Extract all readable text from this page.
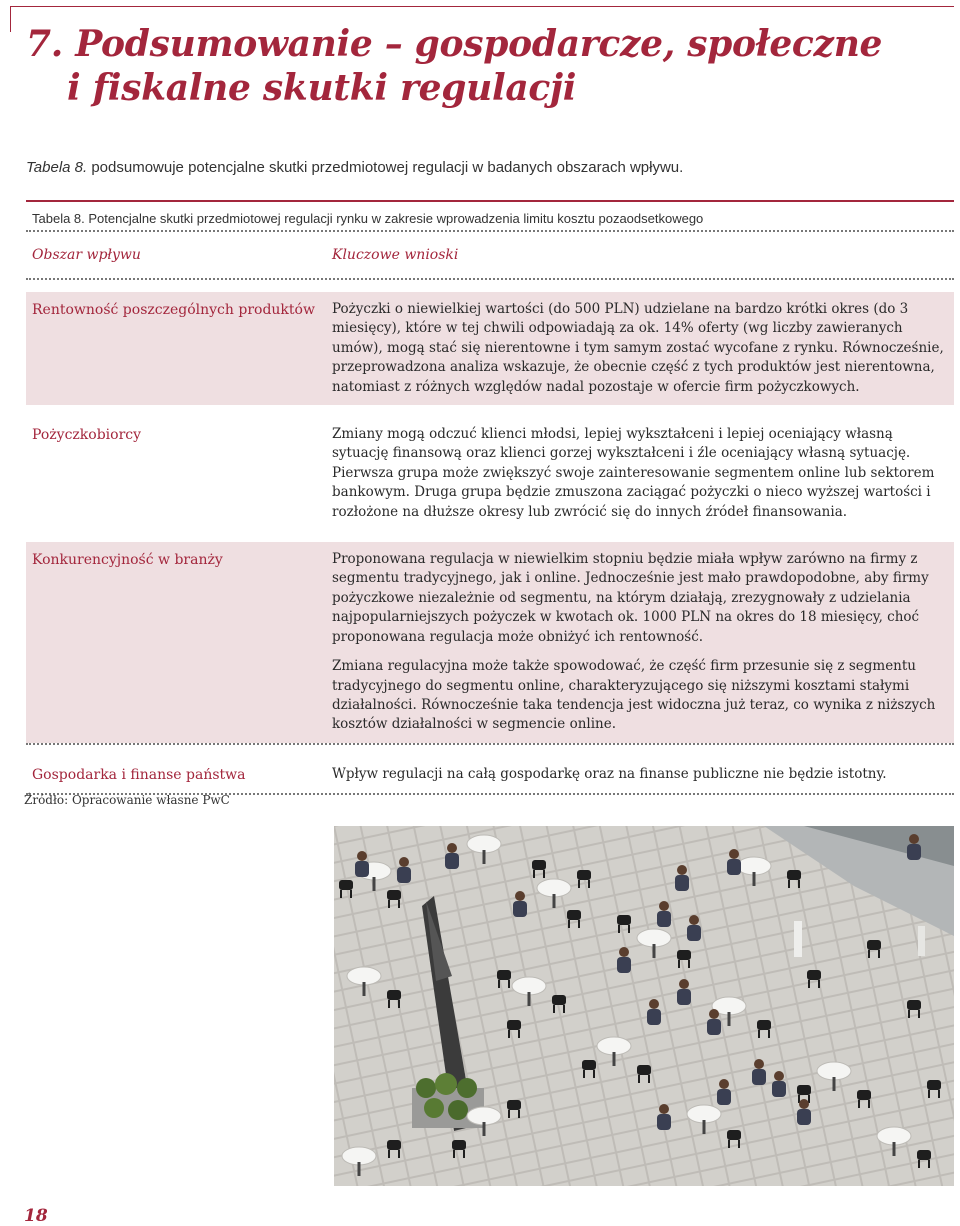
7. Podsumowanie – gospodarcze, społeczne
i fiskalne skutki regulacji

Tabela 8. podsumowuje potencjalne skutki przedmiotowej regulacji w badanych obszarach wpływu.

Tabela 8. Potencjalne skutki przedmiotowej regulacji rynku w zakresie wprowadzenia limitu kosztu pozaodsetkowego
Obszar wpływu	Kluczowe wnioski
Rentowność poszczególnych produktów	Pożyczki o niewielkiej wartości (do 500 PLN) udzielane na bardzo krótki okres (do 3 miesięcy), które w tej chwili odpowiadają za ok. 14% oferty (wg liczby zawieranych umów), mogą stać się nierentowne i tym samym zostać wycofane z rynku. Równocześnie, przeprowadzona analiza wskazuje, że obecnie część z tych produktów jest nierentowna, natomiast z różnych względów nadal pozostaje w ofercie firm pożyczkowych.

Pożyczkobiorcy	Zmiany mogą odczuć klienci młodsi, lepiej wykształceni i lepiej oceniający własną sytuację finansową oraz klienci gorzej wykształceni i źle oceniający własną sytuację. Pierwsza grupa może zwiększyć swoje zainteresowanie segmentem online lub sektorem bankowym. Druga grupa będzie zmuszona zaciągać pożyczki o nieco wyższej wartości i rozłożone na dłuższe okresy lub zwrócić się do innych źródeł finansowania.

Konkurencyjność w branży	Proponowana regulacja w niewielkim stopniu będzie miała wpływ zarówno na firmy z segmentu tradycyjnego, jak i online. Jednocześnie jest mało prawdopodobne, aby firmy pożyczkowe niezależnie od segmentu, na którym działają, zrezygnowały z udzielania najpopularniejszych pożyczek w kwotach ok. 1000 PLN na okres do 18 miesięcy, choć proponowana regulacja może obniżyć ich rentowność.

Zmiana regulacyjna może także spowodować, że część firm przesunie się z segmentu tradycyjnego do segmentu online, charakteryzującego się niższymi kosztami stałymi działalności. Równocześnie taka tendencja jest widoczna już teraz, co wynika z niższych kosztów działalności w segmencie online.

Gospodarka i finanse państwa	Wpływ regulacji na całą gospodarkę oraz na finanse publiczne nie będzie istotny.

Źródło: Opracowanie własne PwC

18
